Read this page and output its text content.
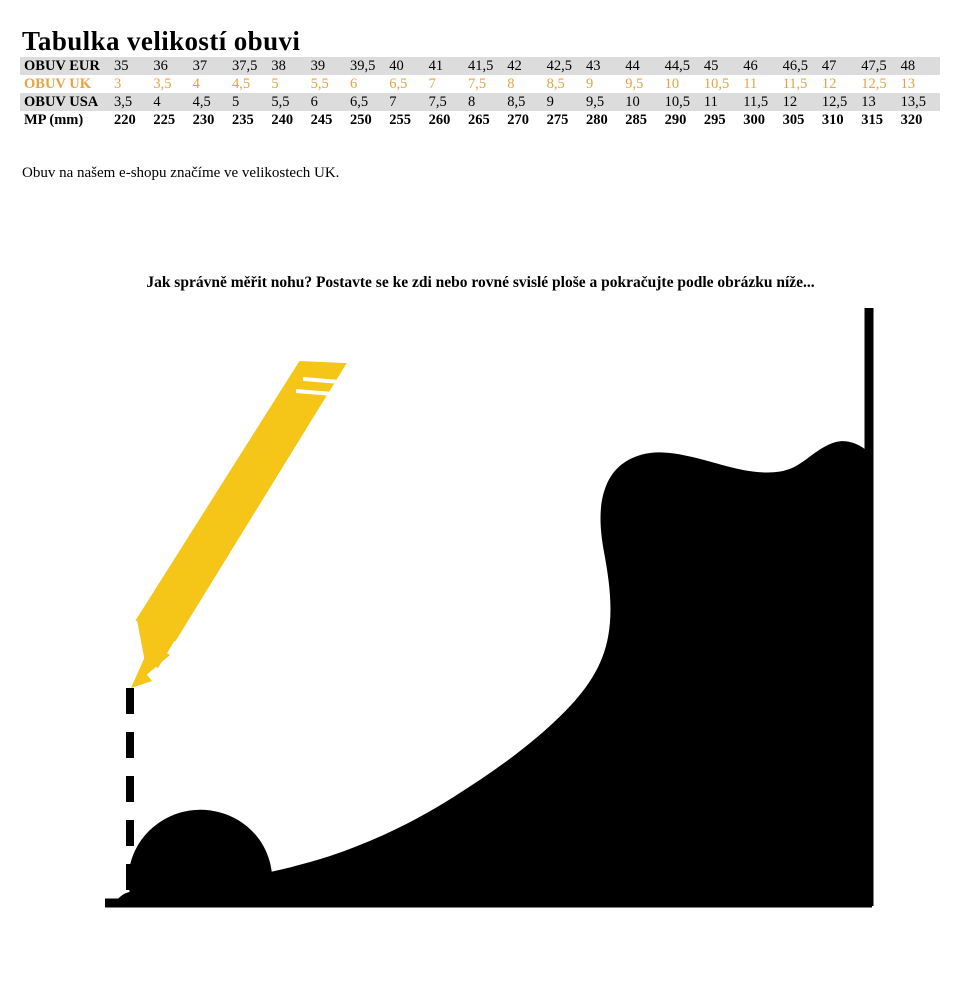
Tabulka velikostí obuvi
OBUV EUR	35	36	37	37,5	38	39	39,5	40	41	41,5	42	42,5	43	44	44,5	45	46	46,5	47	47,5	48
OBUV UK	3	3,5	4	4,5	5	5,5	6	6,5	7	7,5	8	8,5	9	9,5	10	10,5	11	11,5	12	12,5	13
OBUV USA	3,5	4	4,5	5	5,5	6	6,5	7	7,5	8	8,5	9	9,5	10	10,5	11	11,5	12	12,5	13	13,5
MP (mm)	220	225	230	235	240	245	250	255	260	265	270	275	280	285	290	295	300	305	310	315	320

Obuv na našem e-shopu značíme ve velikostech UK.

Jak správně měřit nohu? Postavte se ke zdi nebo rovné svislé ploše a pokračujte podle obrázku níže...
